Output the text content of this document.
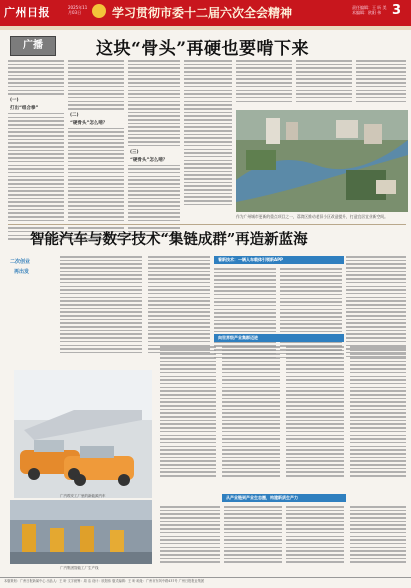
广州日报	2025年11月03日	学习贯彻市委十二届六次全会精神	责任编辑：王 昕 美术编辑：欧阳 伟 3
广播	这块“骨头”再硬也要啃下来
(一)
打出“组合拳”
(二)
“硬骨头”怎么啃？
(三)
“硬骨头”怎么啃？
作为广州城市更新的重点项目之一，荔湾区推动老旧小区改造提升，打造宜居宜业新空间。
智能汽车与数字技术“集链成群”再造新蓝海
二次创业
再出发
看新技术：一辆人车载体引领新APP
向世界级产业集群迈进
从产业链到产业生态圈，构建新质生产力
广汽埃安工厂里的新能源汽车
广汽集团智能工厂生产线
本版策划：广州日报新闻中心 出品人：王 昕 文字统筹：周 洁 设计：欧阳伟 版式编辑：王 昕 地址：广州市东风中路437号 广州日报报业集团
